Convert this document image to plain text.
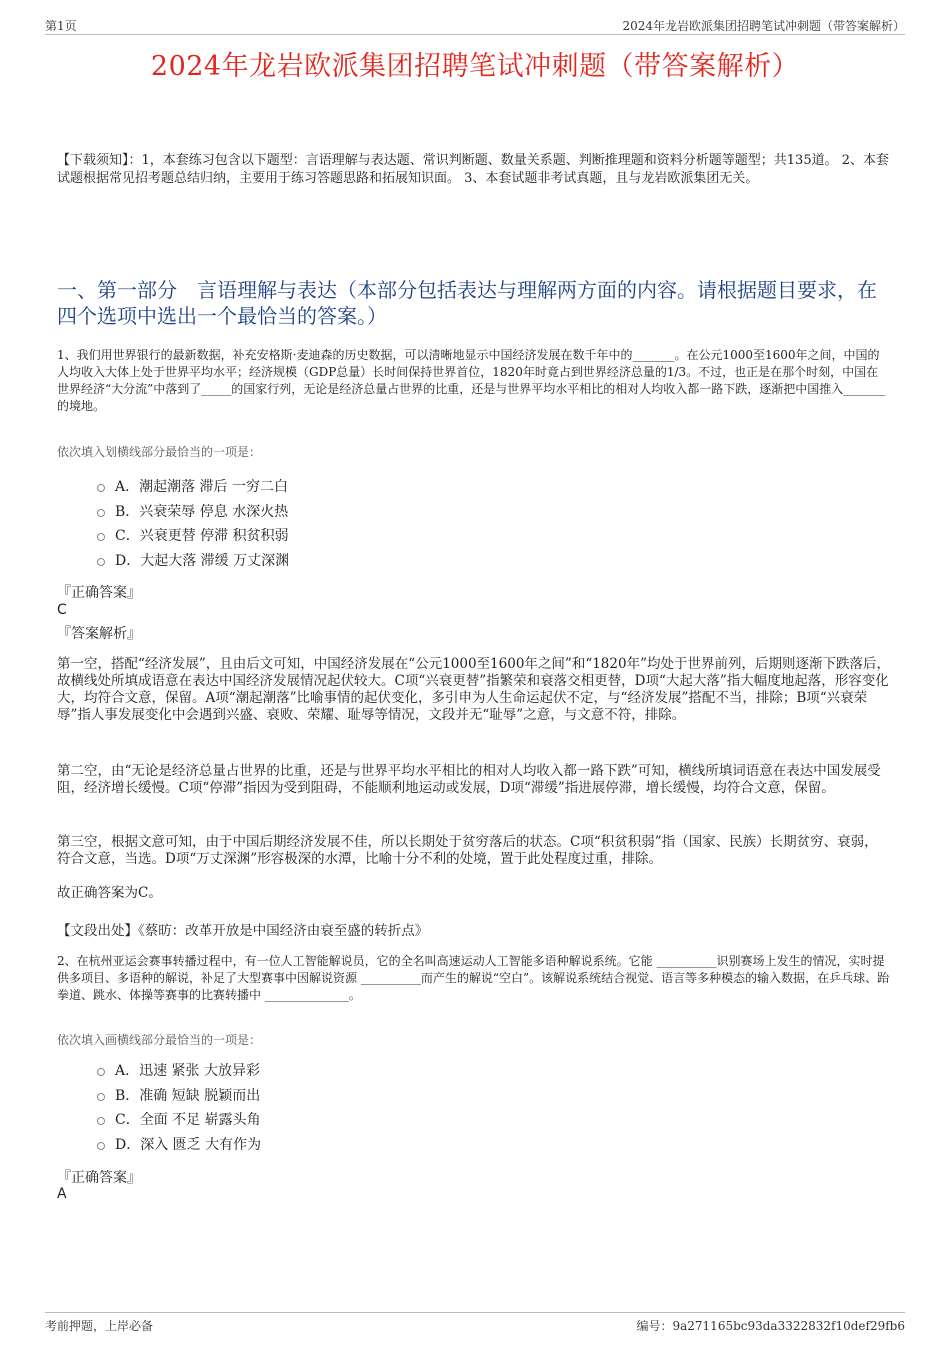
第1页	2024年龙岩欧派集团招聘笔试冲刺题（带答案解析）
2024年龙岩欧派集团招聘笔试冲刺题（带答案解析）
【下载须知】：1，本套练习包含以下题型：言语理解与表达题、常识判断题、数量关系题、判断推理题和资料分析题等题型；共135道。 2、本套试题根据常见招考题总结归纳，主要用于练习答题思路和拓展知识面。 3、本套试题非考试真题，且与龙岩欧派集团无关。
一、第一部分　言语理解与表达（本部分包括表达与理解两方面的内容。请根据题目要求，在四个选项中选出一个最恰当的答案。）
1、我们用世界银行的最新数据，补充安格斯·麦迪森的历史数据，可以清晰地显示中国经济发展在数千年中的_______。在公元1000至1600年之间，中国的人均收入大体上处于世界平均水平；经济规模（GDP总量）长时间保持世界首位，1820年时竟占到世界经济总量的1/3。不过，也正是在那个时刻，中国在世界经济“大分流”中落到了_____的国家行列，无论是经济总量占世界的比重，还是与世界平均水平相比的相对人均收入都一路下跌，逐渐把中国推入_______的境地。
依次填入划横线部分最恰当的一项是：
A．潮起潮落 滞后 一穷二白
B．兴衰荣辱 停息 水深火热
C．兴衰更替 停滞 积贫积弱
D．大起大落 滞缓 万丈深渊
『正确答案』
C
『答案解析』
第一空，搭配“经济发展”，且由后文可知，中国经济发展在“公元1000至1600年之间”和“1820年”均处于世界前列，后期则逐渐下跌落后，故横线处所填成语意在表达中国经济发展情况起伏较大。C项“兴衰更替”指繁荣和衰落交相更替，D项“大起大落”指大幅度地起落，形容变化大，均符合文意，保留。A项“潮起潮落”比喻事情的起伏变化，多引申为人生命运起伏不定，与“经济发展”搭配不当，排除；B项“兴衰荣辱”指人事发展变化中会遇到兴盛、衰败、荣耀、耻辱等情况，文段并无“耻辱”之意，与文意不符，排除。
第二空，由“无论是经济总量占世界的比重，还是与世界平均水平相比的相对人均收入都一路下跌”可知，横线所填词语意在表达中国发展受阻，经济增长缓慢。C项“停滞”指因为受到阻碍，不能顺利地运动或发展，D项“滞缓”指进展停滞，增长缓慢，均符合文意，保留。
第三空，根据文意可知，由于中国后期经济发展不佳，所以长期处于贫穷落后的状态。C项“积贫积弱”指（国家、民族）长期贫穷、衰弱，符合文意，当选。D项“万丈深渊”形容极深的水潭，比喻十分不利的处境，置于此处程度过重，排除。
故正确答案为C。
【文段出处】《蔡昉：改革开放是中国经济由衰至盛的转折点》
2、在杭州亚运会赛事转播过程中，有一位人工智能解说员，它的全名叫高速运动人工智能多语种解说系统。它能 __________识别赛场上发生的情况，实时提供多项目、多语种的解说，补足了大型赛事中因解说资源 __________而产生的解说“空白”。该解说系统结合视觉、语言等多种模态的输入数据，在乒乓球、跆拳道、跳水、体操等赛事的比赛转播中 ______________。
依次填入画横线部分最恰当的一项是：
A．迅速 紧张 大放异彩
B．准确 短缺 脱颖而出
C．全面 不足 崭露头角
D．深入 匮乏 大有作为
『正确答案』
A
考前押题，上岸必备	编号：9a271165bc93da3322832f10def29fb6
